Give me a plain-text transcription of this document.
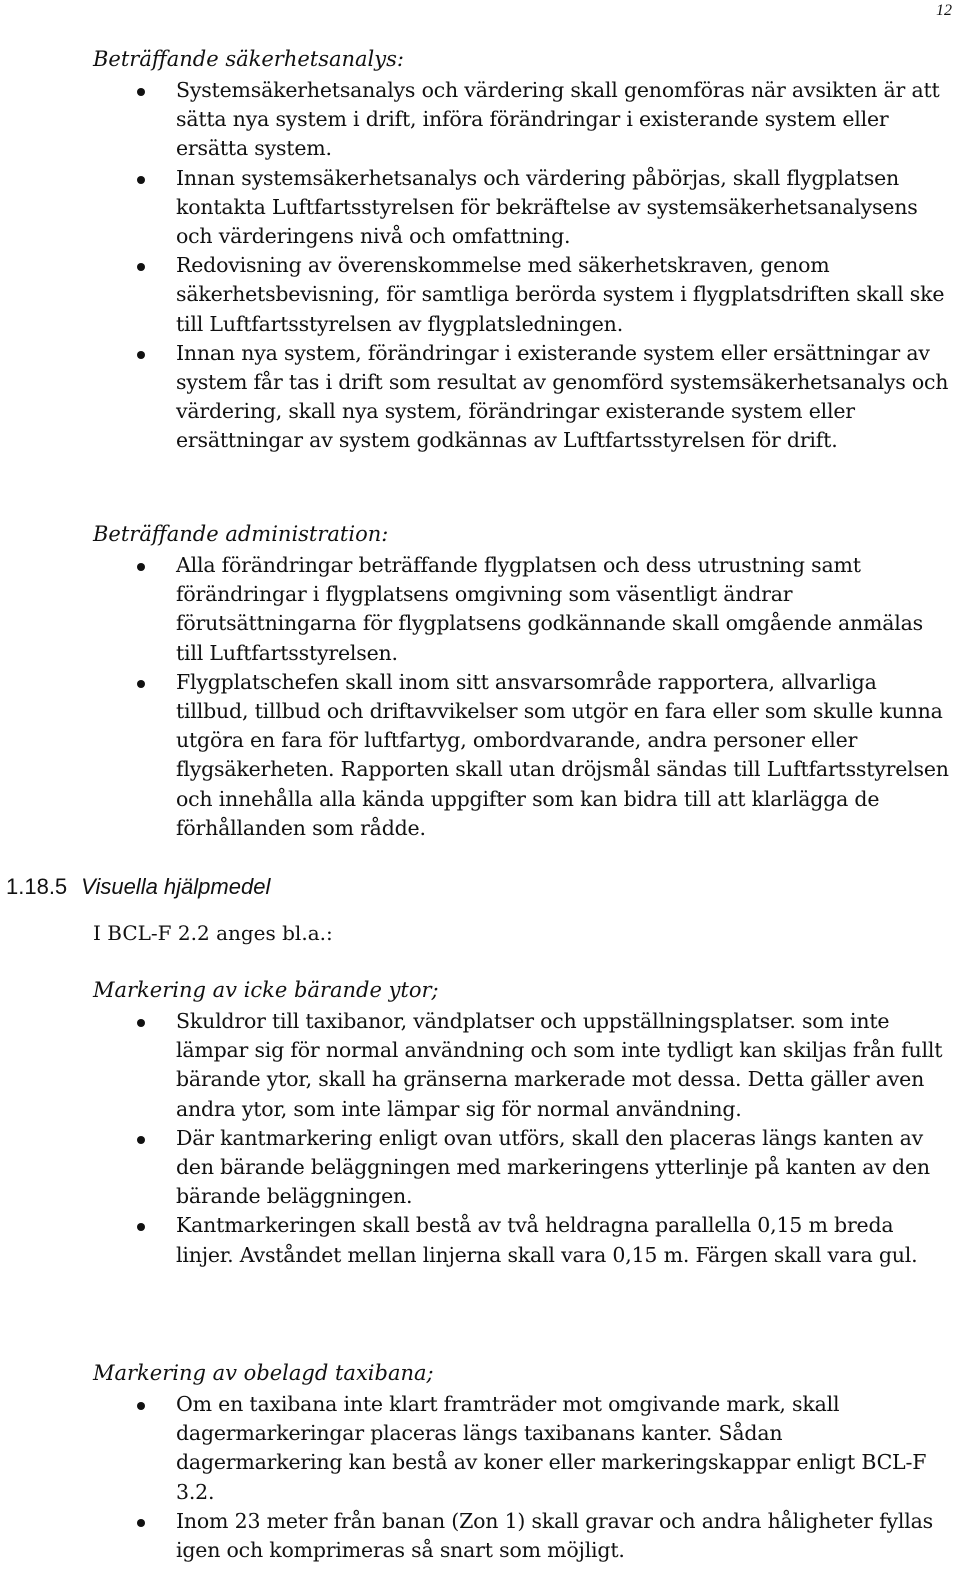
12
Beträffande säkerhetsanalys:
Systemsäkerhetsanalys och värdering skall genomföras när avsikten är att sätta nya system i drift, införa förändringar i existerande system eller ersätta system.
Innan systemsäkerhetsanalys och värdering påbörjas, skall flygplatsen kontakta Luftfartsstyrelsen för bekräftelse av systemsäkerhetsanalysens och värderingens nivå och omfattning.
Redovisning av överenskommelse med säkerhetskraven, genom säkerhetsbevisning, för samtliga berörda system i flygplatsdriften skall ske till Luftfartsstyrelsen av flygplatsledningen.
Innan nya system, förändringar i existerande system eller ersättningar av system får tas i drift som resultat av genomförd systemsäkerhetsanalys och värdering, skall nya system, förändringar existerande system eller ersättningar av system godkännas av Luftfartsstyrelsen för drift.
Beträffande administration:
Alla förändringar beträffande flygplatsen och dess utrustning samt förändringar i flygplatsens omgivning som väsentligt ändrar förutsättningarna för flygplatsens godkännande skall omgående anmälas till Luftfartsstyrelsen.
Flygplatschefen skall inom sitt ansvarsområde rapportera, allvarliga tillbud, tillbud och driftavvikelser som utgör en fara eller som skulle kunna utgöra en fara för luftfartyg, ombordvarande, andra personer eller flygsäkerheten. Rapporten skall utan dröjsmål sändas till Luftfartsstyrelsen och innehålla alla kända uppgifter som kan bidra till att klarlägga de förhållanden som rådde.
1.18.5 Visuella hjälpmedel
I BCL-F 2.2 anges bl.a.:
Markering av icke bärande ytor;
Skuldror till taxibanor, vändplatser och uppställningsplatser. som inte lämpar sig för normal användning och som inte tydligt kan skiljas från fullt bärande ytor, skall ha gränserna markerade mot dessa. Detta gäller aven andra ytor, som inte lämpar sig för normal användning.
Där kantmarkering enligt ovan utförs, skall den placeras längs kanten av den bärande beläggningen med markeringens ytterlinje på kanten av den bärande beläggningen.
Kantmarkeringen skall bestå av två heldragna parallella 0,15 m breda linjer. Avståndet mellan linjerna skall vara 0,15 m. Färgen skall vara gul.
Markering av obelagd taxibana;
Om en taxibana inte klart framträder mot omgivande mark, skall dagermarkeringar placeras längs taxibanans kanter. Sådan dagermarkering kan bestå av koner eller markeringskappar enligt BCL-F 3.2.
Inom 23 meter från banan (Zon 1) skall gravar och andra håligheter fyllas igen och komprimeras så snart som möjligt.
